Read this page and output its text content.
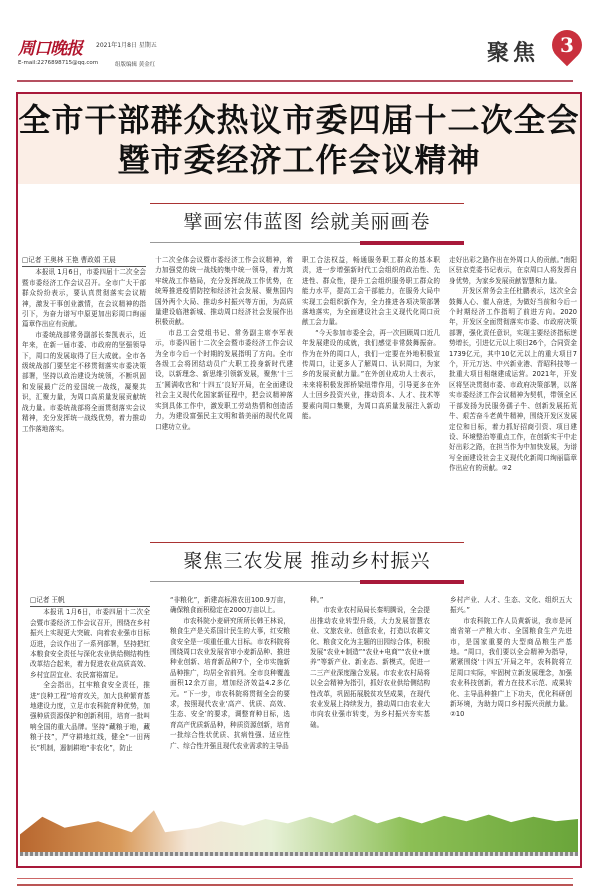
周口晚报 2021年1月8日 星期五
E-mail:2276898715@qq.com	组版编辑 黄金红	聚焦	3
全市干部群众热议市委四届十二次全会
暨市委经济工作会议精神
擘画宏伟蓝图 绘就美丽画卷

□记者 王奥林 王艳 曹政娟 王晨

本报讯 1月6日，市委四届十二次全会暨市委经济工作会议召开。全市广大干部群众纷纷表示，要认真贯彻落实会议精神，激发干事创业激情，在会议精神的指引下，为奋力谱写中原更加出彩周口绚丽篇章作出应有贡献。

市委统战部常务副部长秦凯表示，近年来，在新一届市委、市政府的坚强领导下，周口的发展取得了巨大成就。全市各级统战部门要坚定不移贯彻落实市委决策部署，坚持以政治建设为统领，不断巩固和发展最广泛的爱国统一战线，凝聚共识，汇聚力量，为周口高质量发展贡献统战力量。市委统战部将全面贯彻落实会议精神，充分发挥统一战线优势，着力推动工作落地落实。

十二次全体会议暨市委经济工作会议精神，着力加强党的统一战线的集中统一领导，着力筑牢统战工作格局，充分发挥统战工作优势，在统筹推进疫情防控和经济社会发展、聚焦国内国外两个大局、推动乡村振兴等方面，为高质量建设临港新城、推动周口经济社会发展作出积极贡献。

市总工会党组书记、常务副主席李军表示，市委四届十二次全会暨市委经济工作会议为全市今后一个时期的发展指明了方向。全市各级工会将团结动员广大职工投身新时代建设，以新理念、新思维引领新发展，聚焦‘十三五’圆满收官和‘十四五’良好开局，在全面建设社会主义现代化国家新征程中，把会议精神落实到具体工作中，激发职工劳动热情和创造活力，为建设富强民主文明和谐美丽的现代化周口建功立业。

职工合法权益，畅通服务职工群众的基本职责，进一步增强新时代工会组织的政治性、先进性、群众性，提升工会组织服务职工群众的能力水平，提高工会干部能力，在服务大局中实现工会组织新作为，全力推进各项决策部署落地落实，为全面建设社会主义现代化周口贡献工会力量。

“今天参加市委全会，再一次回顾周口近几年发展建设的成就，我们感觉非常鼓舞振奋。作为在外的周口人，我们一定要在外地积极宣传周口，让更多人了解周口、认识周口，为家乡的发展贡献力量。”在外创业成功人士表示，未来将积极发挥桥梁纽带作用，引导更多在外人士回乡投资兴业，推动资本、人才、技术等要素向周口集聚，为周口高质量发展注入新动能。

走好出彩之路作出在外周口人的贡献。”南阳区驻京党委书记表示，在京周口人将发挥自身优势，为家乡发展贡献智慧和力量。

开发区常务会主任杜鹏表示，这次全会鼓舞人心、催人奋进，为做好当前和今后一个时期经济工作指明了前进方向。2020年，开发区全面贯彻落实市委、市政府决策部署，强化责任意识，实现主要经济指标逆势增长，引进亿元以上项目26个，合同资金1739亿元，其中10亿元以上的重大项目7个，开元万达、中兴新业港、青昭科技等一批重大项目相继建成运营。2021年，开发区将坚决贯彻市委、市政府决策部署，以落实市委经济工作会议精神为契机，带领全区干部发扬为民服务孺子牛、创新发展拓荒牛、艰苦奋斗老黄牛精神，围绕开发区发展定位和目标，着力抓好招商引资、项目建设、环境整治等重点工作，在创新实干中走好出彩之路，在担当作为中加快发展，为谱写全面建设社会主义现代化新周口绚丽篇章作出应有的贡献。②2

聚焦三农发展 推动乡村振兴

□记者 王帆

本报讯 1月6日，市委四届十二次全会暨市委经济工作会议召开，围绕在乡村振兴上实现更大突破、向着农业强市目标迈进，会议作出了一系列部署，坚持把红本粮食安全责任与深化农业供给侧结构性改革结合起来，着力促进农业高质高效、乡村宜居宜业、农民富裕富足。

全会指出，扛牢粮食安全责任，推进“良种工程”培育攻关，加大良种繁育基地建设力度，立足市农科院育种优势，加强种质资源保护和创新利用，培育一批叫响全国的重大品牌。坚持“藏粮于地，藏粮于技”，严守耕地红线，健全“一田两长”机制，遏制耕地“非农化”，防止

“非粮化”，新建高标准农田100.9万亩，确保粮食面积稳定在2000万亩以上。

市农科院小麦研究所所长韩王林说，粮食生产是关系国计民生的大事，红安粮食安全是一项重任重大目标。市农科院将围绕周口农业发展省审小麦新品种、推进种业创新、培育新品种7个，全市实施新品种推广，均居全省前列。全市良种覆盖面积12余万亩，增加经济效益4.2多亿元。“下一步，市农科院将贯彻全会的要求，按照现代农业‘高产、优质、高效、生态、安全’的要求，调整育种目标，选育高产优质新品种，种质资源创新，培育一批综合性状优质、抗病性强、适应性广、综合性并强且现代农业需求的主导品

种。”

市农业农村局局长秦明腾说，全会提出推动农业转型升级，大力发展智慧农业、文旅农业、创意农业，打造以农耕文化、粮食文化为主题的田园综合体，积极发展“农业+制造”“农业+电商”“农业+康养”等新产业、新业态、新模式，促进一二三产业深度融合发展。市农业农村局将以全会精神为指引，抓好农业供给侧结构性改革，巩固拓展脱贫攻坚成果，在现代农业发展上持续发力，推动周口由农业大市向农业强市转变，为乡村振兴夯实基础。

乡村产业、人才、生态、文化、组织五大振兴。”

市农科院工作人员黄新说，我市是河南省第一产粮大市、全国粮食生产先进市，是国家重要的大型商品粮生产基地。“周口，我们要以全会精神为指导，紧紧围绕‘十四五’开局之年，农科院将立足周口实际，牢固树立新发展理念，加强农业科技创新，着力在技术示范、成果转化、主导品种推广上下功夫，优化科研创新环境，为助力周口乡村振兴贡献力量。②10
